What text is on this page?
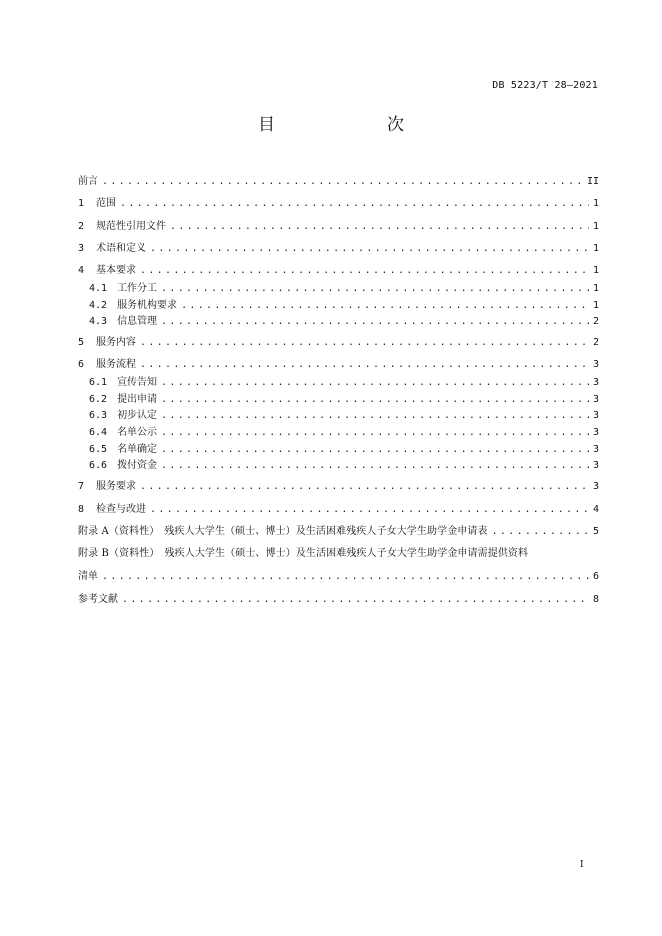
DB 5223/T 28—2021
目　　次
前言 .....	II
1 范围 .....	1
2 规范性引用文件 .....	1
3 术语和定义 .....	1
4 基本要求 .....	1
4.1 工作分工 .....	1
4.2 服务机构要求 .....	1
4.3 信息管理 .....	2
5 服务内容 .....	2
6 服务流程 .....	3
6.1 宣传告知 .....	3
6.2 提出申请 .....	3
6.3 初步认定 .....	3
6.4 名单公示 .....	3
6.5 名单确定 .....	3
6.6 拨付资金 .....	3
7 服务要求 .....	3
8 检查与改进 .....	4
附录 A（资料性）　残疾人大学生（硕士、博士）及生活困难残疾人子女大学生助学金申请表 .....	5
附录 B（资料性）　残疾人大学生（硕士、博士）及生活困难残疾人子女大学生助学金申请需提供资料
清单 .....	6
参考文献 .....	8
I
